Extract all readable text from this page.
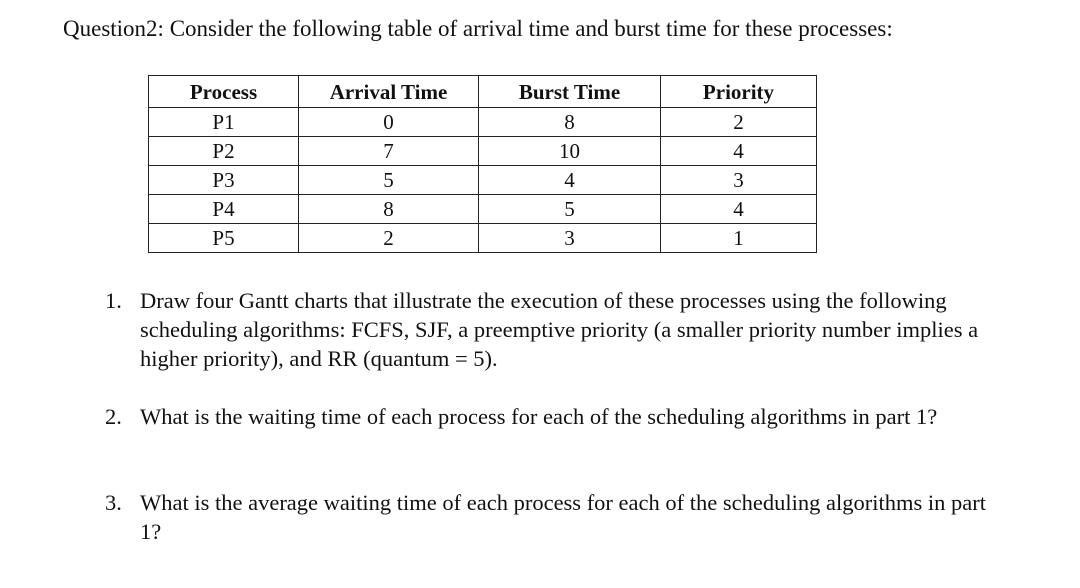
Question2: Consider the following table of arrival time and burst time for these processes:
Process	Arrival Time	Burst Time	Priority
P1	0	8	2
P2	7	10	4
P3	5	4	3
P4	8	5	4
P5	2	3	1
1. Draw four Gantt charts that illustrate the execution of these processes using the following scheduling algorithms: FCFS, SJF, a preemptive priority (a smaller priority number implies a higher priority), and RR (quantum = 5).
2. What is the waiting time of each process for each of the scheduling algorithms in part 1?
3. What is the average waiting time of each process for each of the scheduling algorithms in part 1?
